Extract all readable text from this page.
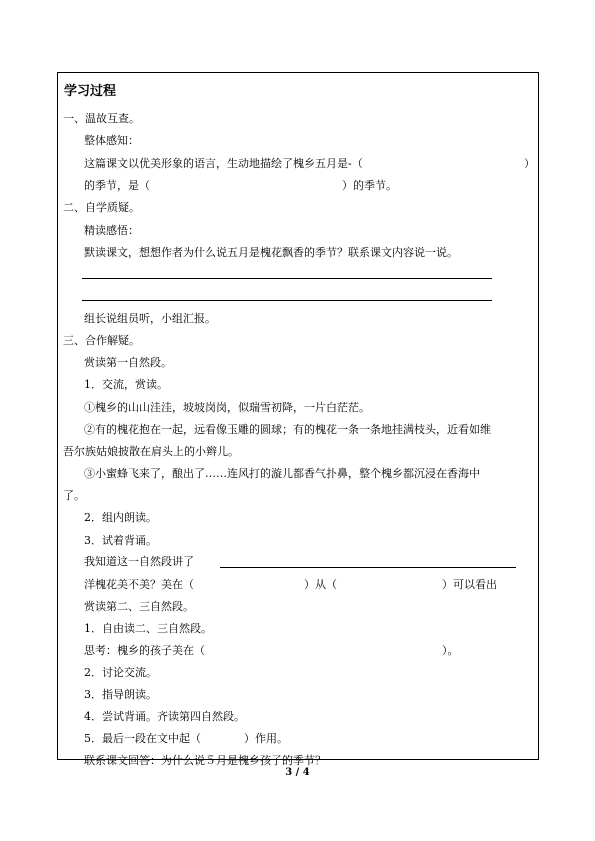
学习过程
一、温故互查。
整体感知：
这篇课文以优美形象的语言，生动地描绘了槐乡五月是-（	）
的季节，是（	）的季节。
二、自学质疑。
精读感悟：
默读课文，想想作者为什么说五月是槐花飘香的季节？联系课文内容说一说。
组长说组员听，小组汇报。
三、合作解疑。
赏读第一自然段。
1．交流，赏读。
①槐乡的山山洼洼，坡坡岗岗，似瑞雪初降，一片白茫茫。
②有的槐花抱在一起，远看像玉雕的圆球；有的槐花一条一条地挂满枝头，近看如维
吾尔族姑娘披散在肩头上的小辫儿。
③小蜜蜂飞来了，酿出了……连风打的漩儿都香气扑鼻，整个槐乡都沉浸在香海中
了。
2．组内朗读。
3．试着背诵。
我知道这一自然段讲了
洋槐花美不美？美在（	）从（	）可以看出
赏读第二、三自然段。
1．自由读二、三自然段。
思考：槐乡的孩子美在（	）。
2．讨论交流。
3．指导朗读。
4．尝试背诵。齐读第四自然段。
5．最后一段在文中起（	）作用。
联系课文回答：为什么说５月是槐乡孩子的季节？
3 / 4
